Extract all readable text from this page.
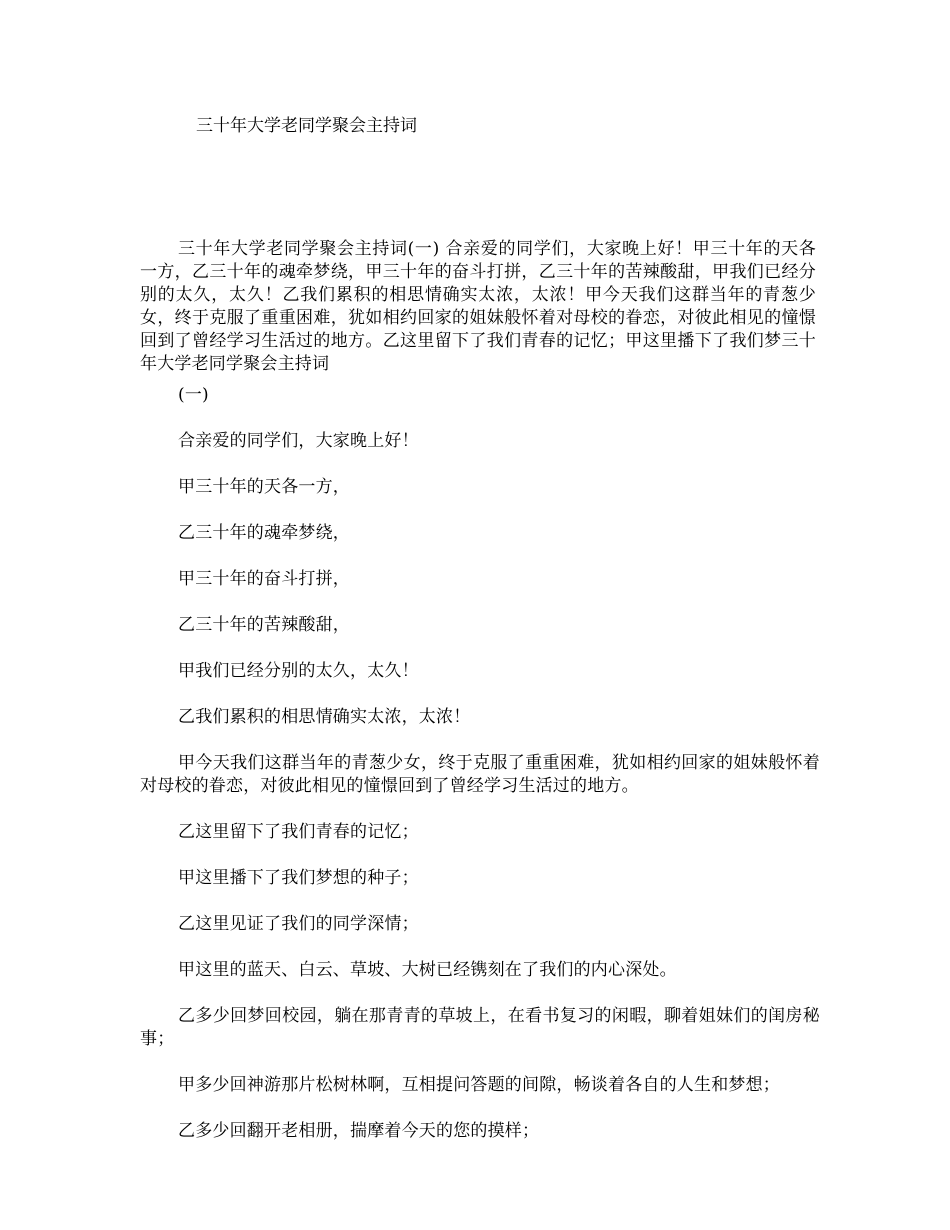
三十年大学老同学聚会主持词

三十年大学老同学聚会主持词(一) 合亲爱的同学们，大家晚上好！甲三十年的天各一方，乙三十年的魂牵梦绕，甲三十年的奋斗打拼，乙三十年的苦辣酸甜，甲我们已经分别的太久，太久！乙我们累积的相思情确实太浓，太浓！甲今天我们这群当年的青葱少女，终于克服了重重困难，犹如相约回家的姐妹般怀着对母校的眷恋，对彼此相见的憧憬回到了曾经学习生活过的地方。乙这里留下了我们青春的记忆；甲这里播下了我们梦三十年大学老同学聚会主持词

(一)
合亲爱的同学们，大家晚上好！
甲三十年的天各一方，
乙三十年的魂牵梦绕，
甲三十年的奋斗打拼，
乙三十年的苦辣酸甜，
甲我们已经分别的太久，太久！
乙我们累积的相思情确实太浓，太浓！
甲今天我们这群当年的青葱少女，终于克服了重重困难，犹如相约回家的姐妹般怀着对母校的眷恋，对彼此相见的憧憬回到了曾经学习生活过的地方。
乙这里留下了我们青春的记忆；
甲这里播下了我们梦想的种子；
乙这里见证了我们的同学深情；
甲这里的蓝天、白云、草坡、大树已经镌刻在了我们的内心深处。
乙多少回梦回校园，躺在那青青的草坡上，在看书复习的闲暇，聊着姐妹们的闺房秘事；
甲多少回神游那片松树林啊，互相提问答题的间隙，畅谈着各自的人生和梦想；
乙多少回翻开老相册，揣摩着今天的您的摸样；
